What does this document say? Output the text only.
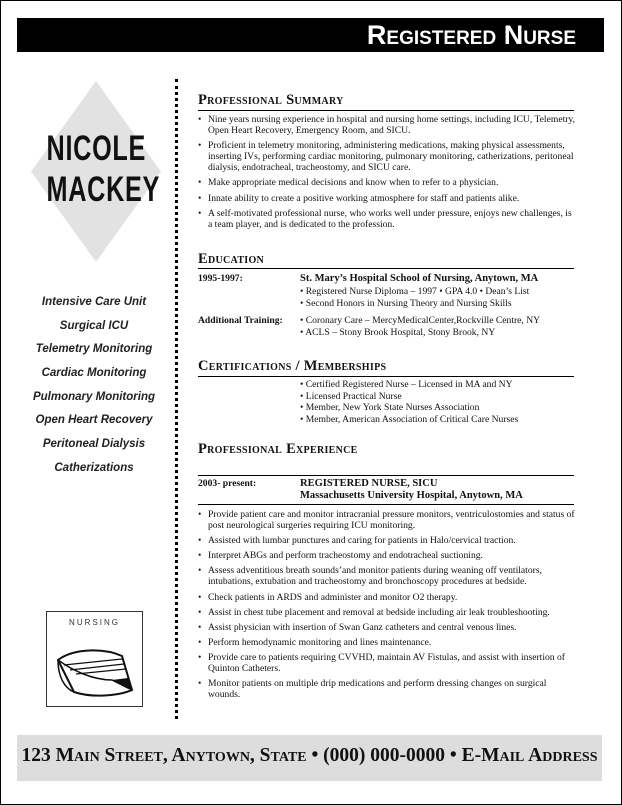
Registered Nurse
NICOLE
MACKEY
Intensive Care Unit
Surgical ICU
Telemetry Monitoring
Cardiac Monitoring
Pulmonary Monitoring
Open Heart Recovery
Peritoneal Dialysis
Catherizations
NURSING
Professional Summary
• Nine years nursing experience in hospital and nursing home settings, including ICU, Telemetry, Open Heart Recovery, Emergency Room, and SICU.
• Proficient in telemetry monitoring, administering medications, making physical assessments, inserting IVs, performing cardiac monitoring, pulmonary monitoring, catherizations, peritoneal dialysis, endotracheal, tracheostomy, and SICU care.
• Make appropriate medical decisions and know when to refer to a physician.
• Innate ability to create a positive working atmosphere for staff and patients alike.
• A self-motivated professional nurse, who works well under pressure, enjoys new challenges, is a team player, and is dedicated to the profession.
Education
1995-1997:	St. Mary’s Hospital School of Nursing, Anytown, MA
• Registered Nurse Diploma – 1997 • GPA 4.0 • Dean’s List
• Second Honors in Nursing Theory and Nursing Skills
Additional Training:
•	Coronary Care – MercyMedicalCenter,Rockville Centre, NY
• ACLS – Stony Brook Hospital, Stony Brook, NY
Certifications / Memberships
• Certified Registered Nurse – Licensed in MA and NY
• Licensed Practical Nurse
• Member, New York State Nurses Association
• Member, American Association of Critical Care Nurses
Professional Experience
2003- present:	REGISTERED NURSE, SICU
Massachusetts University Hospital, Anytown, MA
• Provide patient care and monitor intracranial pressure monitors, ventriculostomies and status of post neurological surgeries requiring ICU monitoring.
• Assisted with lumbar punctures and caring for patients in Halo/cervical traction.
• Interpret ABGs and perform tracheostomy and endotracheal suctioning.
• Assess adventitious breath sounds’and monitor patients during weaning off ventilators, intubations, extubation and tracheostomy and bronchoscopy procedures at bedside.
• Check patients in ARDS and administer and monitor O2 therapy.
• Assist in chest tube placement and removal at bedside including air leak troubleshooting.
• Assist physician with insertion of Swan Ganz catheters and central venous lines.
• Perform hemodynamic monitoring and lines maintenance.
• Provide care to patients requiring CVVHD, maintain AV Fistulas, and assist with insertion of Quinton Catheters.
• Monitor patients on multiple drip medications and perform dressing changes on surgical wounds.
123 Main Street, Anytown, State • (000) 000-0000 • E-Mail Address
